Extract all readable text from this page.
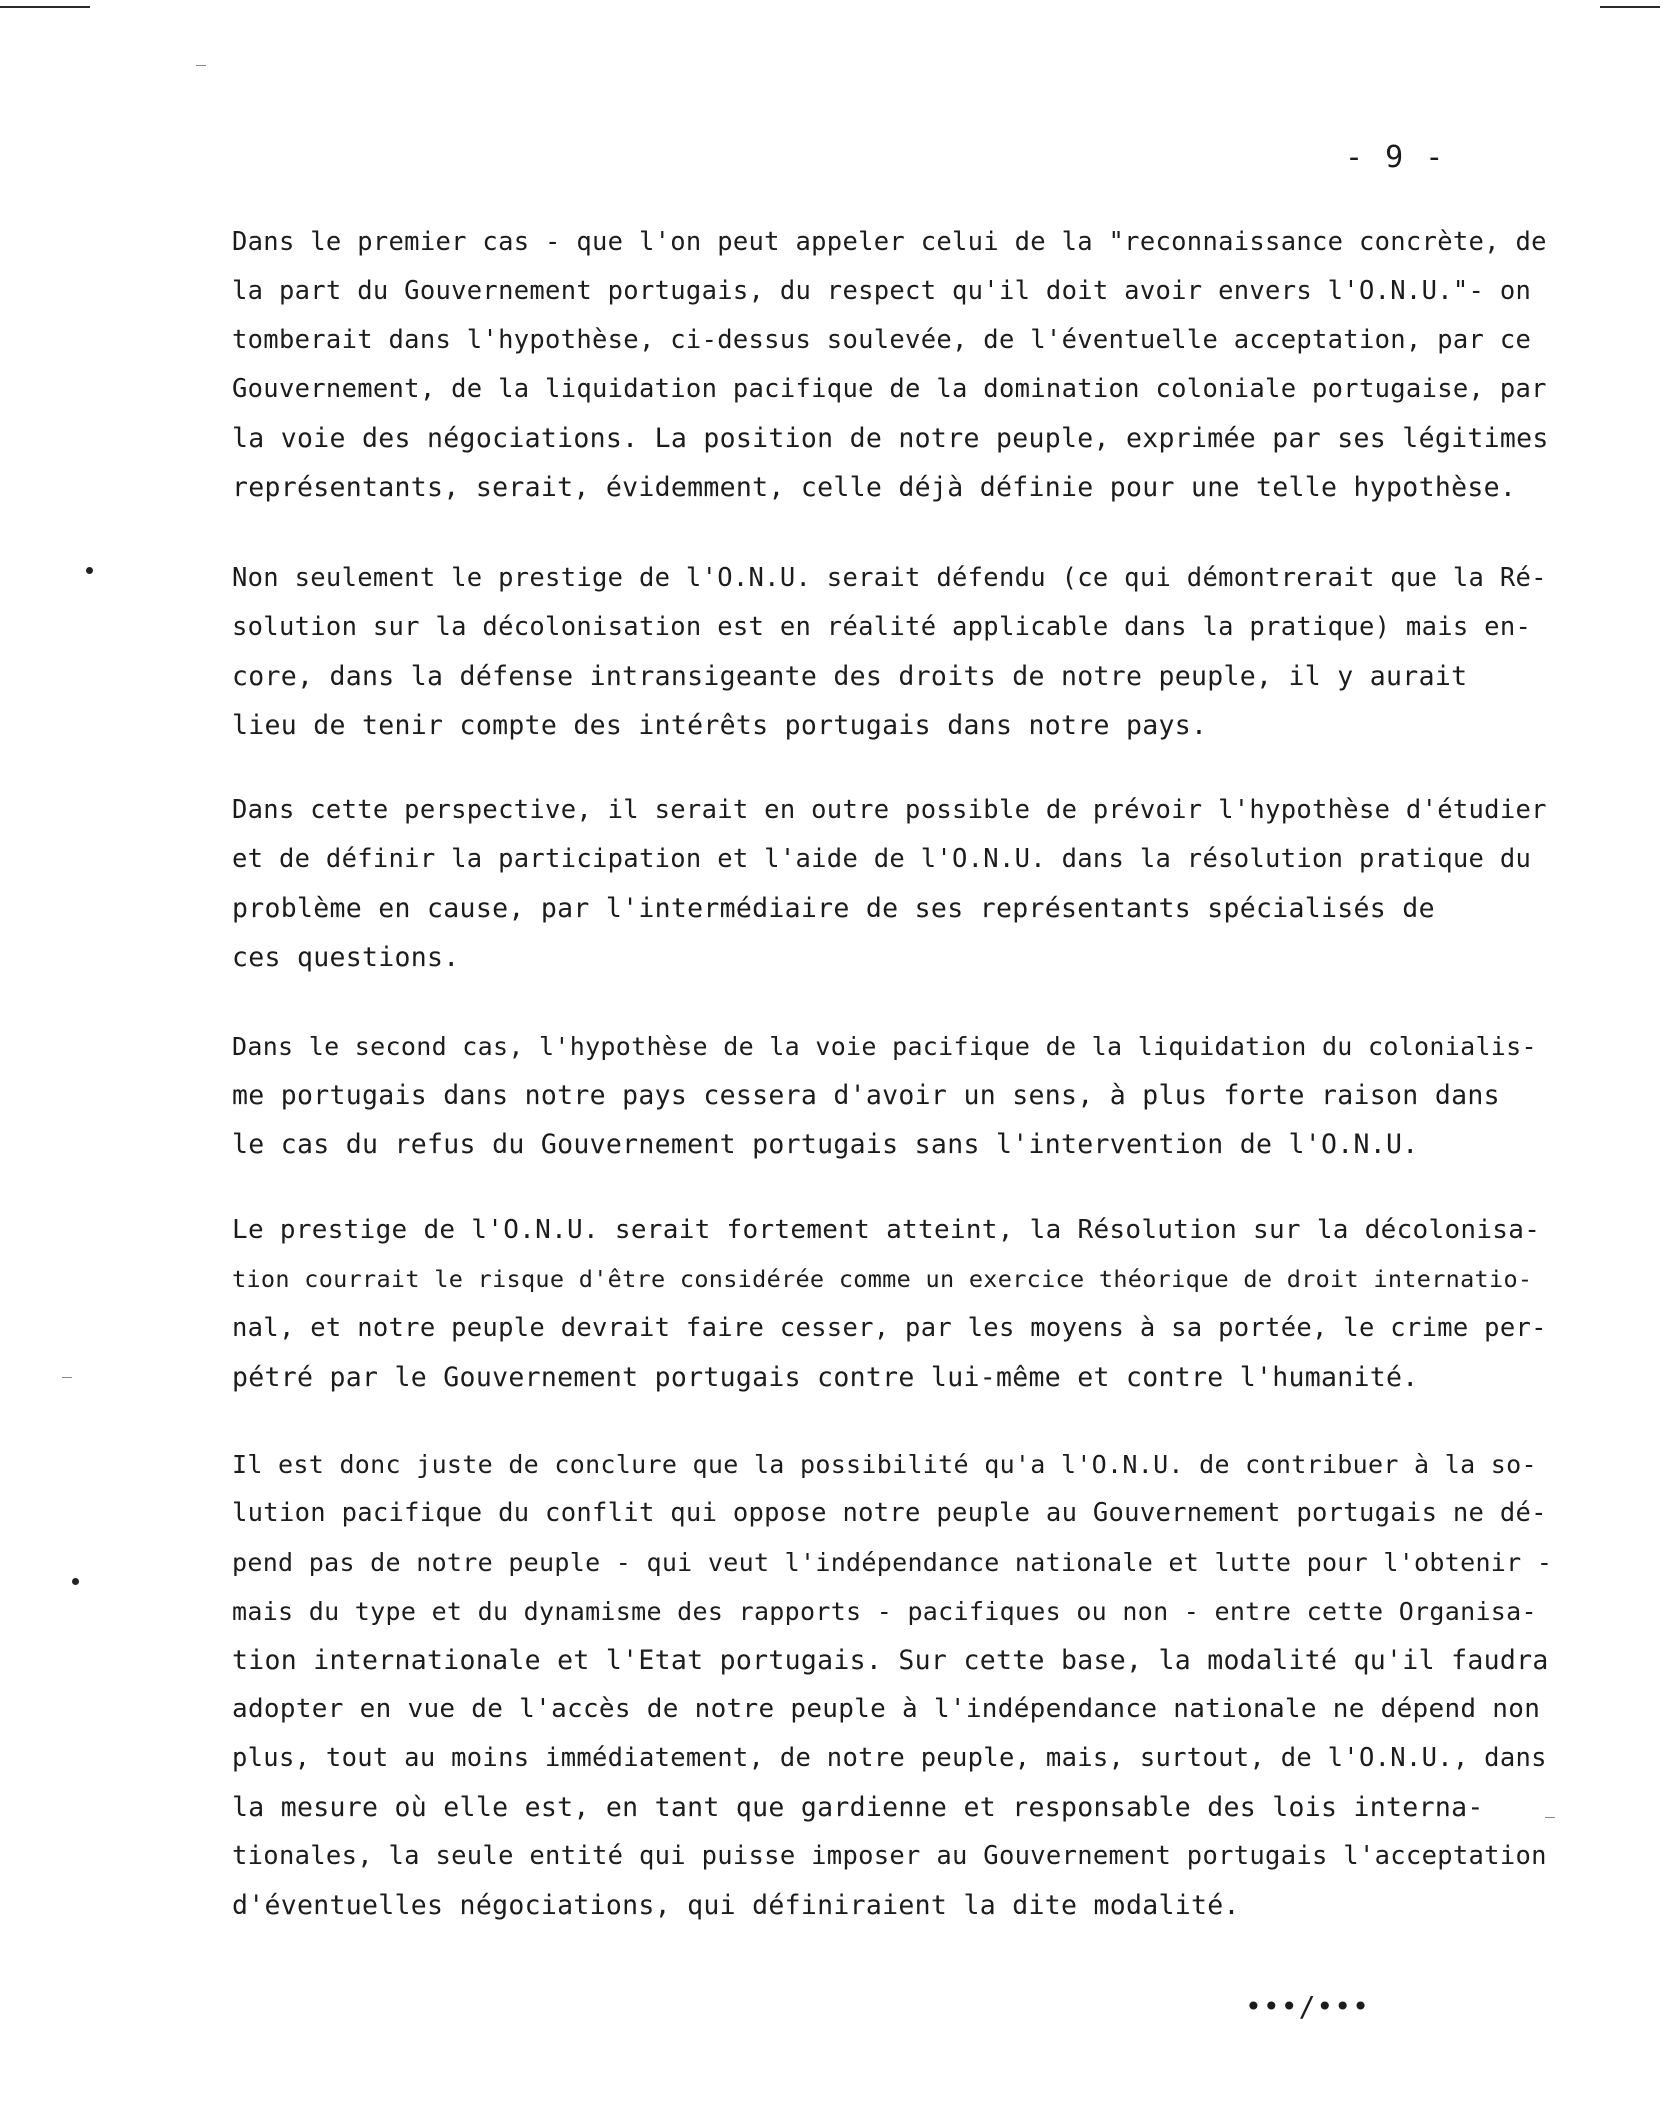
- 9 -
Dans le premier cas - que l'on peut appeler celui de la "reconnaissance concrète, de
la part du Gouvernement portugais, du respect qu'il doit avoir envers l'O.N.U."- on
tomberait dans l'hypothèse, ci-dessus soulevée, de l'éventuelle acceptation, par ce
Gouvernement, de la liquidation pacifique de la domination coloniale portugaise, par
la voie des négociations. La position de notre peuple, exprimée par ses légitimes
représentants, serait, évidemment, celle déjà définie pour une telle hypothèse.
Non seulement le prestige de l'O.N.U. serait défendu (ce qui démontrerait que la Ré-
solution sur la décolonisation est en réalité applicable dans la pratique) mais en-
core, dans la défense intransigeante des droits de notre peuple, il y aurait
lieu de tenir compte des intérêts portugais dans notre pays.
Dans cette perspective, il serait en outre possible de prévoir l'hypothèse d'étudier
et de définir la participation et l'aide de l'O.N.U. dans la résolution pratique du
problème en cause, par l'intermédiaire de ses représentants spécialisés de
ces questions.
Dans le second cas, l'hypothèse de la voie pacifique de la liquidation du colonialis-
me portugais dans notre pays cessera d'avoir un sens, à plus forte raison dans
le cas du refus du Gouvernement portugais sans l'intervention de l'O.N.U.
Le prestige de l'O.N.U. serait fortement atteint, la Résolution sur la décolonisa-
tion courrait le risque d'être considérée comme un exercice théorique de droit internatio-
nal, et notre peuple devrait faire cesser, par les moyens à sa portée, le crime per-
pétré par le Gouvernement portugais contre lui-même et contre l'humanité.
Il est donc juste de conclure que la possibilité qu'a l'O.N.U. de contribuer à la so-
lution pacifique du conflit qui oppose notre peuple au Gouvernement portugais ne dé-
pend pas de notre peuple - qui veut l'indépendance nationale et lutte pour l'obtenir -
mais du type et du dynamisme des rapports - pacifiques ou non - entre cette Organisa-
tion internationale et l'Etat portugais. Sur cette base, la modalité qu'il faudra
adopter en vue de l'accès de notre peuple à l'indépendance nationale ne dépend non
plus, tout au moins immédiatement, de notre peuple, mais, surtout, de l'O.N.U., dans
la mesure où elle est, en tant que gardienne et responsable des lois interna-
tionales, la seule entité qui puisse imposer au Gouvernement portugais l'acceptation
d'éventuelles négociations, qui définiraient la dite modalité.
•••/•••
